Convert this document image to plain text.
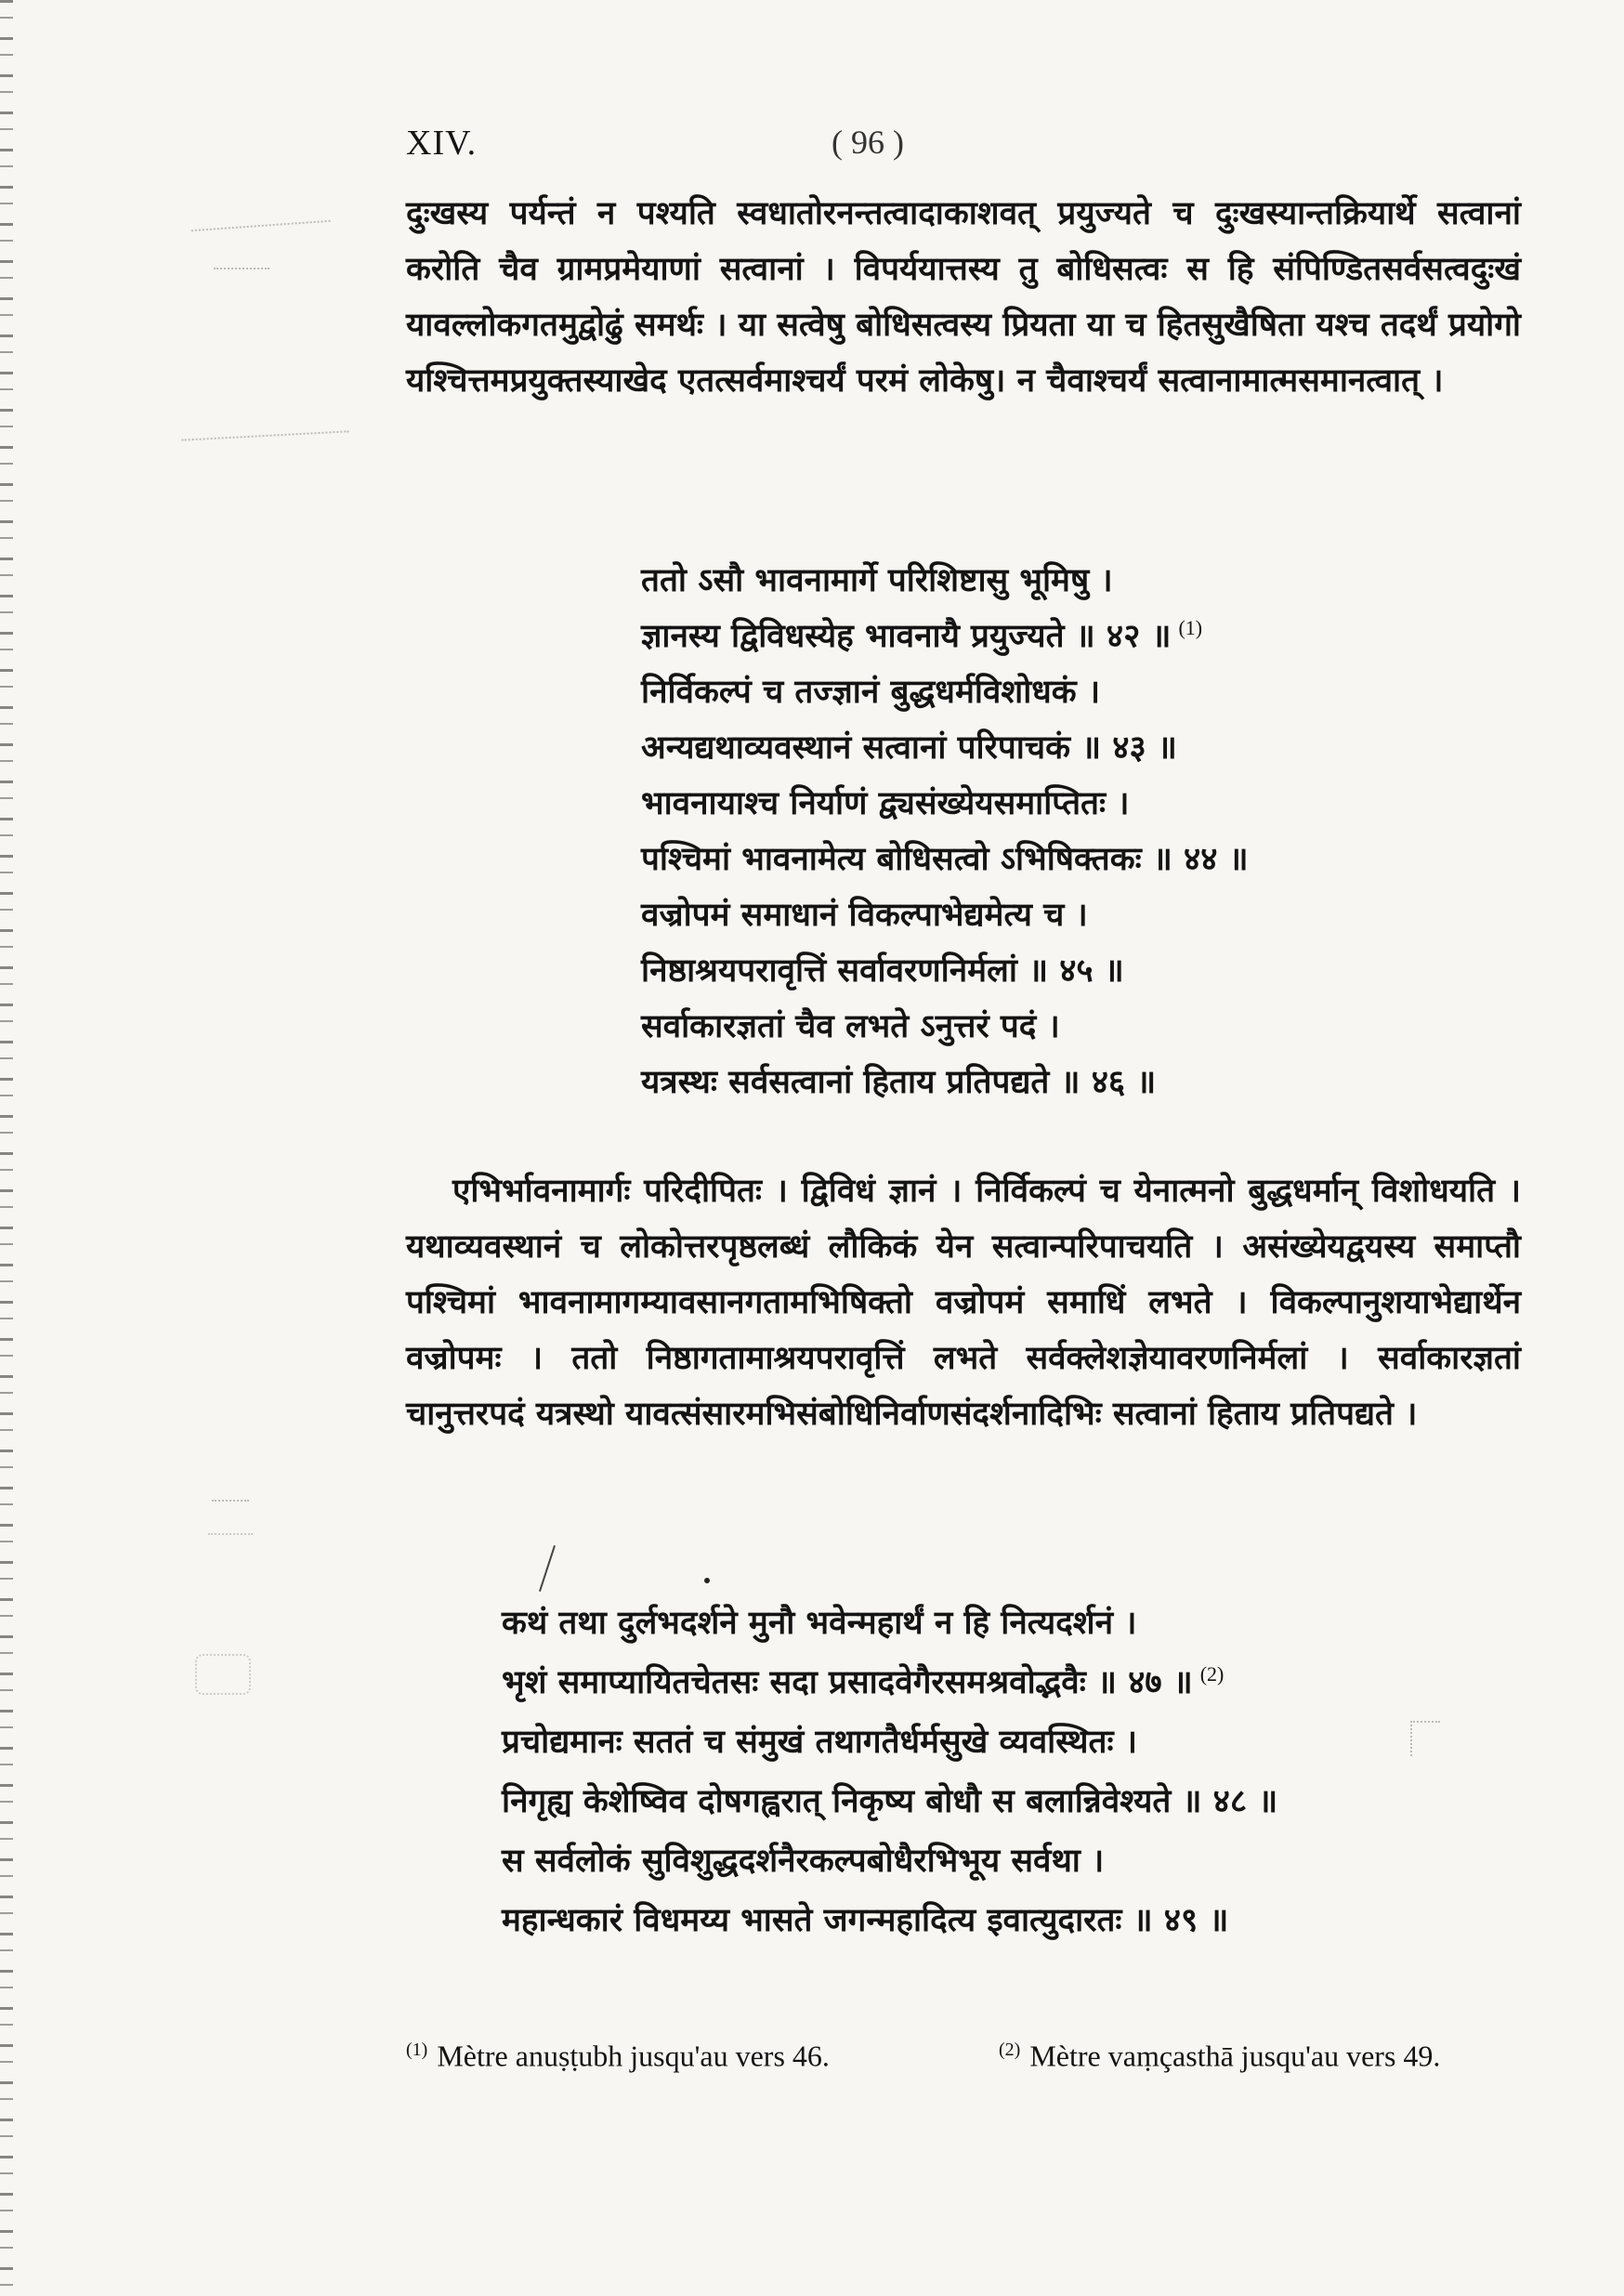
XIV.	( 96 )

दुःखस्य पर्यन्तं न पश्यति स्वधातोरनन्तत्वादाकाशवत् प्रयुज्यते च दुःखस्यान्तक्रियार्थे सत्वानां करोति चैव ग्रामप्रमेयाणां सत्वानां । विपर्ययात्तस्य तु बोधिसत्वः स हि संपिण्डितसर्वसत्वदुःखं यावल्लोकगतमुद्वोढुं समर्थः । या सत्वेषु बोधिसत्वस्य प्रियता या च हितसुखैषिता यश्च तदर्थं प्रयोगो यश्चित्तमप्रयुक्तस्याखेद एतत्सर्वमाश्चर्यं परमं लोकेषु। न चैवाश्चर्यं सत्वानामात्मसमानत्वात् ।

ततो ऽसौ भावनामार्गे परिशिष्टासु भूमिषु ।
ज्ञानस्य द्विविधस्येह भावनायै प्रयुज्यते ॥ ४२ ॥ $^{(1)}$
निर्विकल्पं च तज्ज्ञानं बुद्धधर्मविशोधकं ।
अन्यद्यथाव्यवस्थानं सत्वानां परिपाचकं ॥ ४३ ॥
भावनायाश्च निर्याणं द्व्यसंख्येयसमाप्तितः ।
पश्चिमां भावनामेत्य बोधिसत्वो ऽभिषिक्तकः ॥ ४४ ॥
वज्रोपमं समाधानं विकल्पाभेद्यमेत्य च ।
निष्ठाश्रयपरावृत्तिं सर्वावरणनिर्मलां ॥ ४५ ॥
सर्वाकारज्ञतां चैव लभते ऽनुत्तरं पदं ।
यत्रस्थः सर्वसत्वानां हिताय प्रतिपद्यते ॥ ४६ ॥

एभिर्भावनामार्गः परिदीपितः । द्विविधं ज्ञानं । निर्विकल्पं च येनात्मनो बुद्धधर्मान् विशोधयति । यथाव्यवस्थानं च लोकोत्तरपृष्ठलब्धं लौकिकं येन सत्वान्परिपाचयति । असंख्येयद्वयस्य समाप्तौ पश्चिमां भावनामागम्यावसानगतामभिषिक्तो वज्रोपमं समाधिं लभते । विकल्पानुशयाभेद्यार्थेन वज्रोपमः । ततो निष्ठागतामाश्रयपरावृत्तिं लभते सर्वक्लेशज्ञेयावरणनिर्मलां । सर्वाकारज्ञतां चानुत्तरपदं यत्रस्थो यावत्संसारमभिसंबोधिनिर्वाणसंदर्शनादिभिः सत्वानां हिताय प्रतिपद्यते ।

कथं तथा दुर्लभदर्शने मुनौ भवेन्महार्थं न हि नित्यदर्शनं ।
भृशं समाप्यायितचेतसः सदा प्रसादवेगैरसमश्रवोद्भवैः ॥ ४७ ॥ $^{(2)}$
प्रचोद्यमानः सततं च संमुखं तथागतैर्धर्मसुखे व्यवस्थितः ।
निगृह्य केशेष्विव दोषगह्वरात् निकृष्य बोधौ स बलान्निवेश्यते ॥ ४८ ॥
स सर्वलोकं सुविशुद्धदर्शनैरकल्पबोधैरभिभूय सर्वथा ।
महान्धकारं विधमय्य भासते जगन्महादित्य इवात्युदारतः ॥ ४९ ॥
$^{(1)}$ Mètre anuṣṭubh jusqu'au vers 46.	$^{(2)}$ Mètre vaṃçasthā jusqu'au vers 49.
